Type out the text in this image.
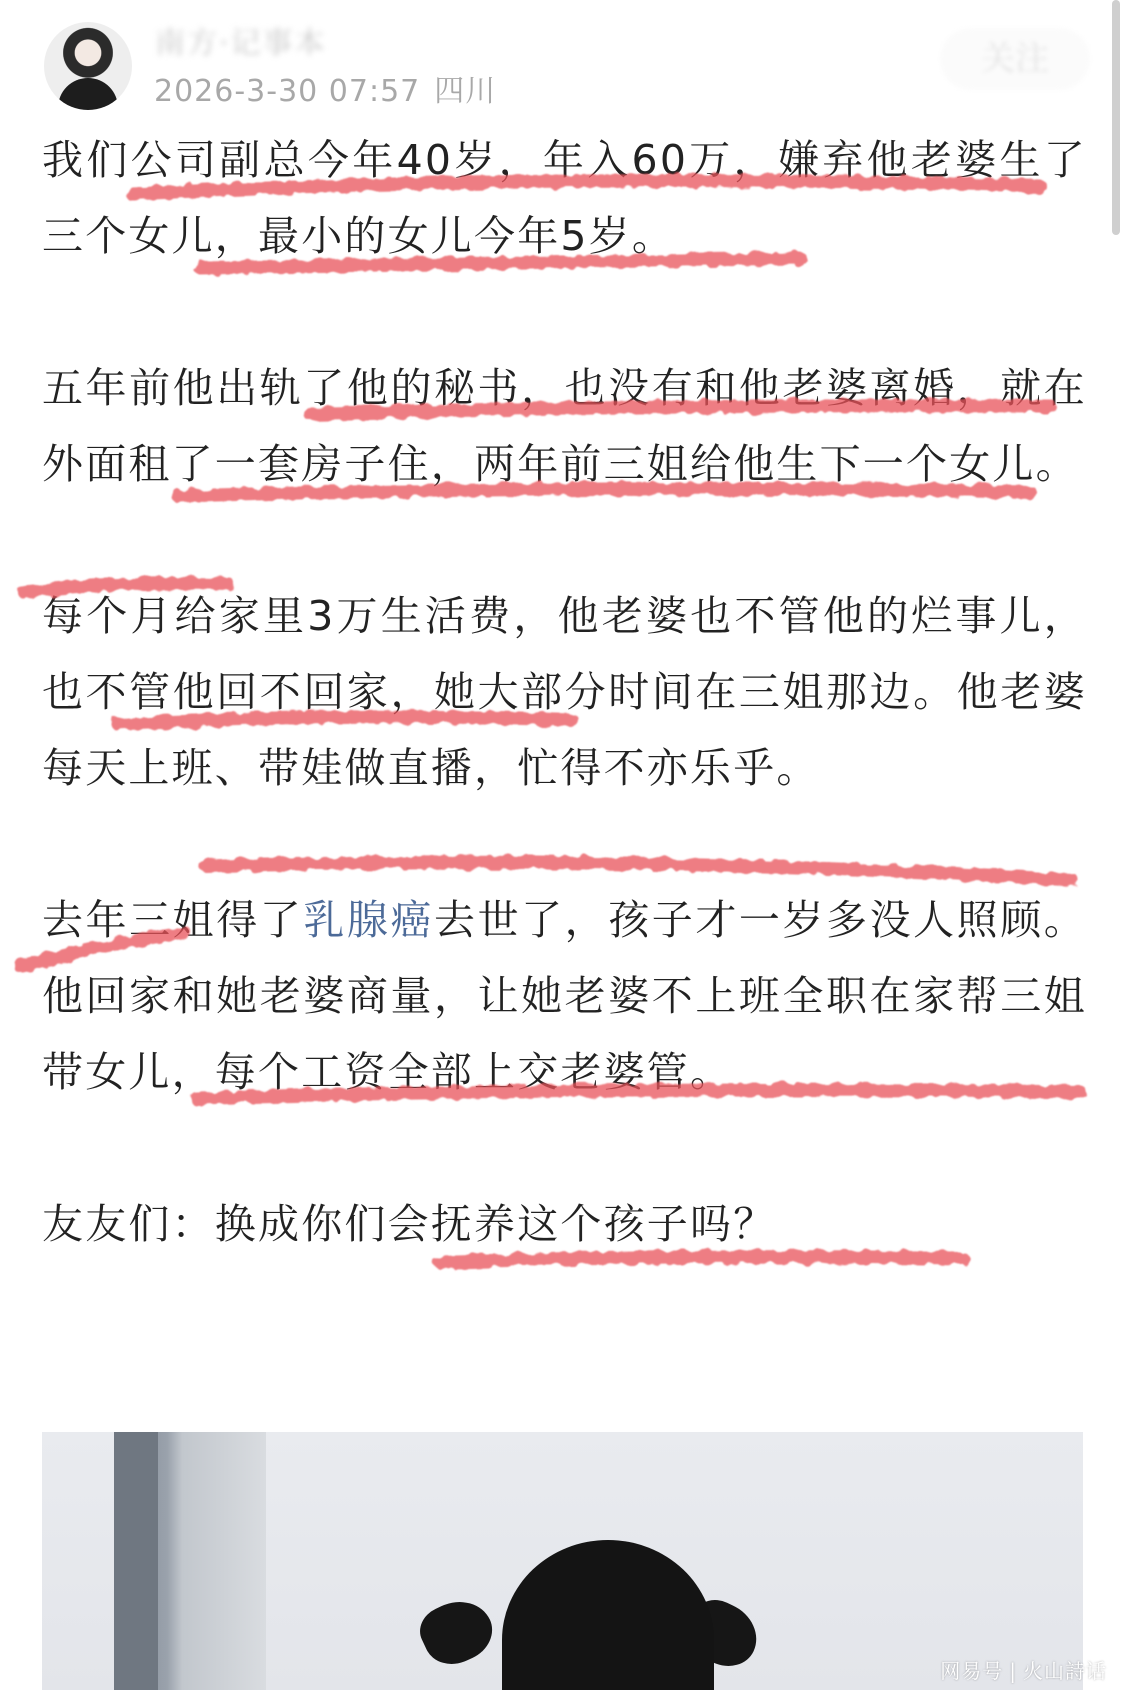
南方·记事本
2026-3-30 07:57 四川
关注

我们公司副总今年40岁，年入60万，嫌弃他老婆生了三个女儿，最小的女儿今年5岁。

五年前他出轨了他的秘书，也没有和他老婆离婚，就在外面租了一套房子住，两年前三姐给他生下一个女儿。

每个月给家里3万生活费，他老婆也不管他的烂事儿，也不管他回不回家，她大部分时间在三姐那边。他老婆每天上班、带娃做直播，忙得不亦乐乎。

去年三姐得了乳腺癌去世了，孩子才一岁多没人照顾。他回家和她老婆商量，让她老婆不上班全职在家帮三姐带女儿，每个工资全部上交老婆管。

友友们：换成你们会抚养这个孩子吗？

网易号 | 火山詩话
